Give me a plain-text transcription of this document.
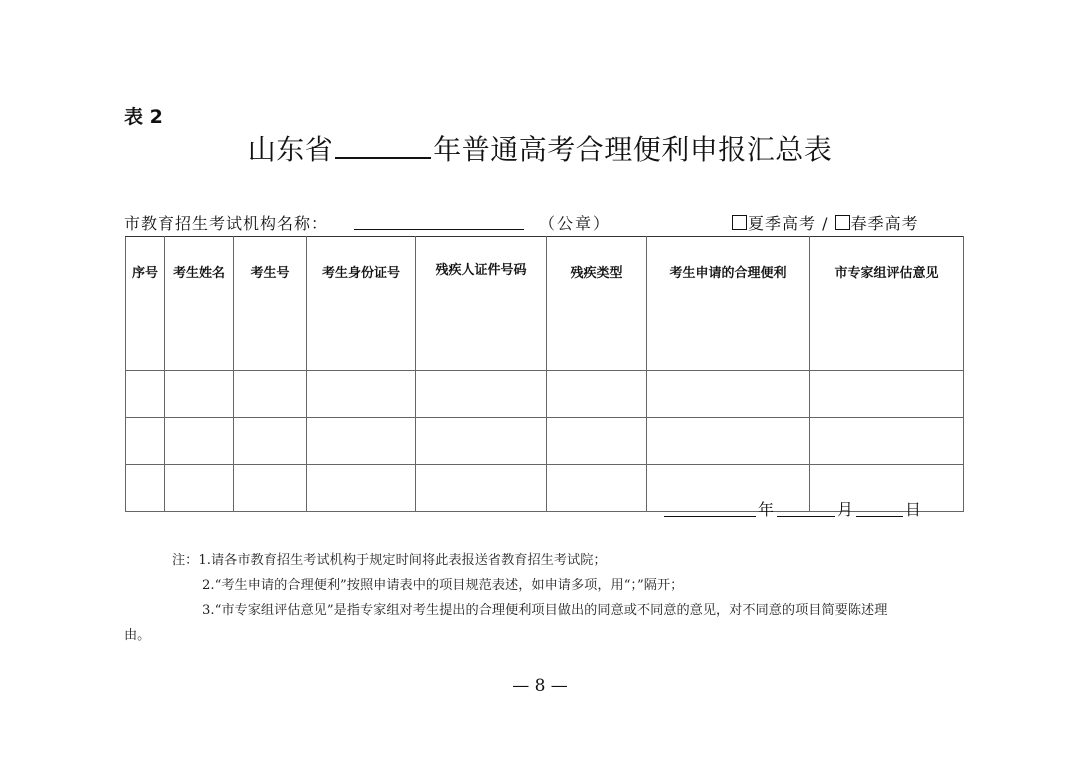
表 2
山东省	年普通高考合理便利申报汇总表
市教育招生考试机构名称：	（公章）	夏季高考 / 春季高考
序号	考生姓名	考生号	考生身份证号	残疾人证件号码	残疾类型	考生申请的合理便利	市专家组评估意见

年	月	日
注：1.请各市教育招生考试机构于规定时间将此表报送省教育招生考试院；
2.“考生申请的合理便利”按照申请表中的项目规范表述，如申请多项，用“；”隔开；
3.“市专家组评估意见”是指专家组对考生提出的合理便利项目做出的同意或不同意的意见，对不同意的项目简要陈述理
由。
— 8 —
